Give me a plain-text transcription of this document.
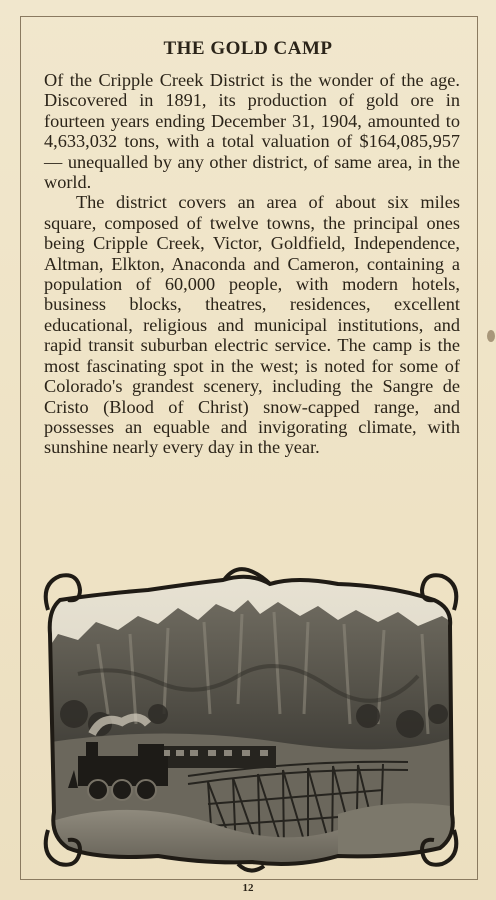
THE GOLD CAMP

Of the Cripple Creek District is the wonder of the age. Discovered in 1891, its production of gold ore in fourteen years ending December 31, 1904, amounted to 4,633,032 tons, with a total valuation of $164,085,957 — unequalled by any other district, of same area, in the world.

The district covers an area of about six miles square, composed of twelve towns, the principal ones being Cripple Creek, Victor, Goldfield, Independence, Altman, Elkton, Anaconda and Cameron, containing a population of 60,000 people, with modern hotels, business blocks, theatres, residences, excellent educational, religious and municipal institutions, and rapid transit suburban electric service. The camp is the most fascinating spot in the west; is noted for some of Colorado's grandest scenery, including the Sangre de Cristo (Blood of Christ) snow-capped range, and possesses an equable and invigorating climate, with sunshine nearly every day in the year.

12
